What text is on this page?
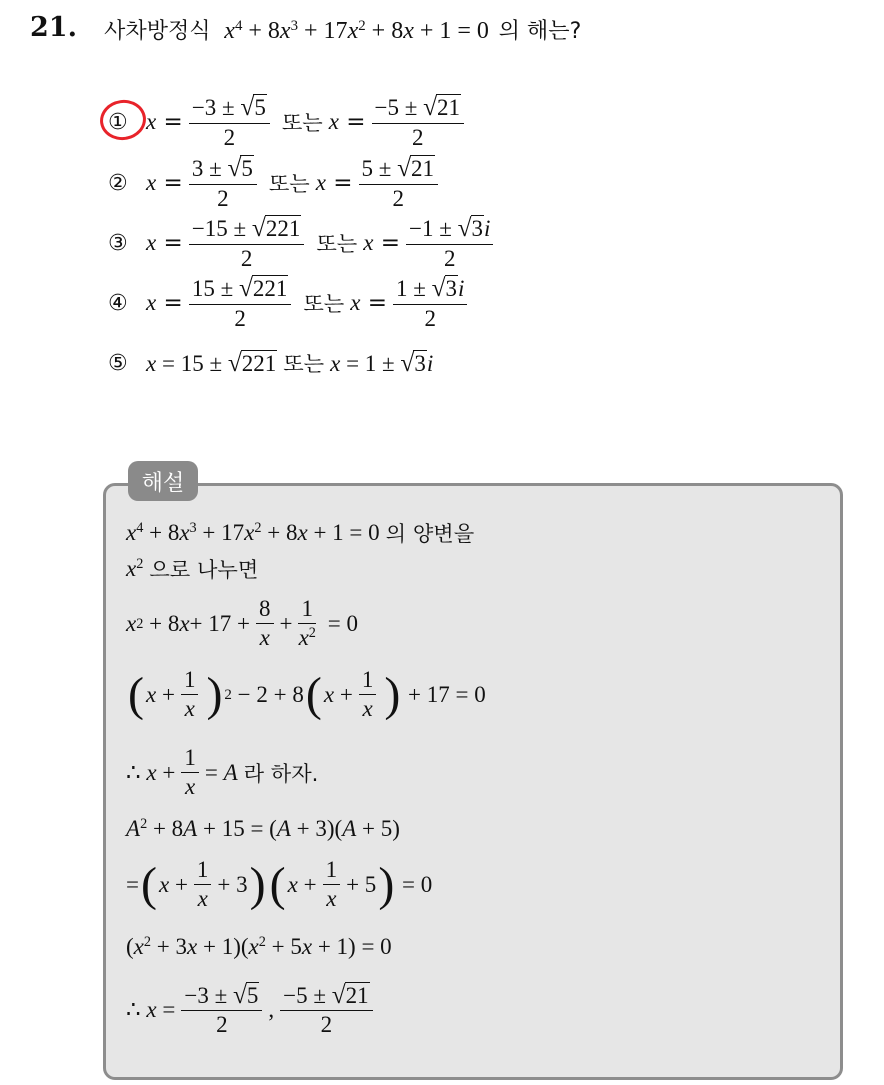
21. 사차방정식 $x^4 + 8x^3 + 17x^2 + 8x + 1 = 0$ 의 해는?
① $x = \frac{-3 \pm √ 5}{2}$ 또는 $x = \frac{-5 \pm √ 21}{2}$
② $x = \frac{3 \pm √ 5}{2}$ 또는 $x = \frac{5 \pm √ 21}{2}$
③ $x = \frac{-15 \pm √ 221}{2}$ 또는 $x = \frac{-1 \pm √ 3 i}{2}$
④ $x = \frac{15 \pm √ 221}{2}$ 또는 $x = \frac{1 \pm √ 3 i}{2}$
⑤ x = 15 ± √ 221 또는 x = 1 ± √ 3 i
해설
$x^4 + 8x^3 + 17x^2 + 8x + 1 = 0$ 의 양변을
$x^2$ 으로 나누면
x 2 + 8 $x + 17 + \frac{8}{x} + \frac{1}{x^2} = 0$
( $x + \frac{1}{x}$ ) 2 − 2 + 8 ( $x + \frac{1}{x}$ ) + 17 = 0
∴ $x + \frac{1}{x} = A$ 라 하자.
$A^2 + 8A + 15 = (A + 3)(A + 5)$
= ( $x + \frac{1}{x} + 3$ ) ( $x + \frac{1}{x} + 5$ ) = 0
$(x^2 + 3x + 1)(x^2 + 5x + 1) = 0$
∴ $x = \frac{-3 \pm √ 5}{2}$ , $\frac{-5 \pm √ 21}{2}$
